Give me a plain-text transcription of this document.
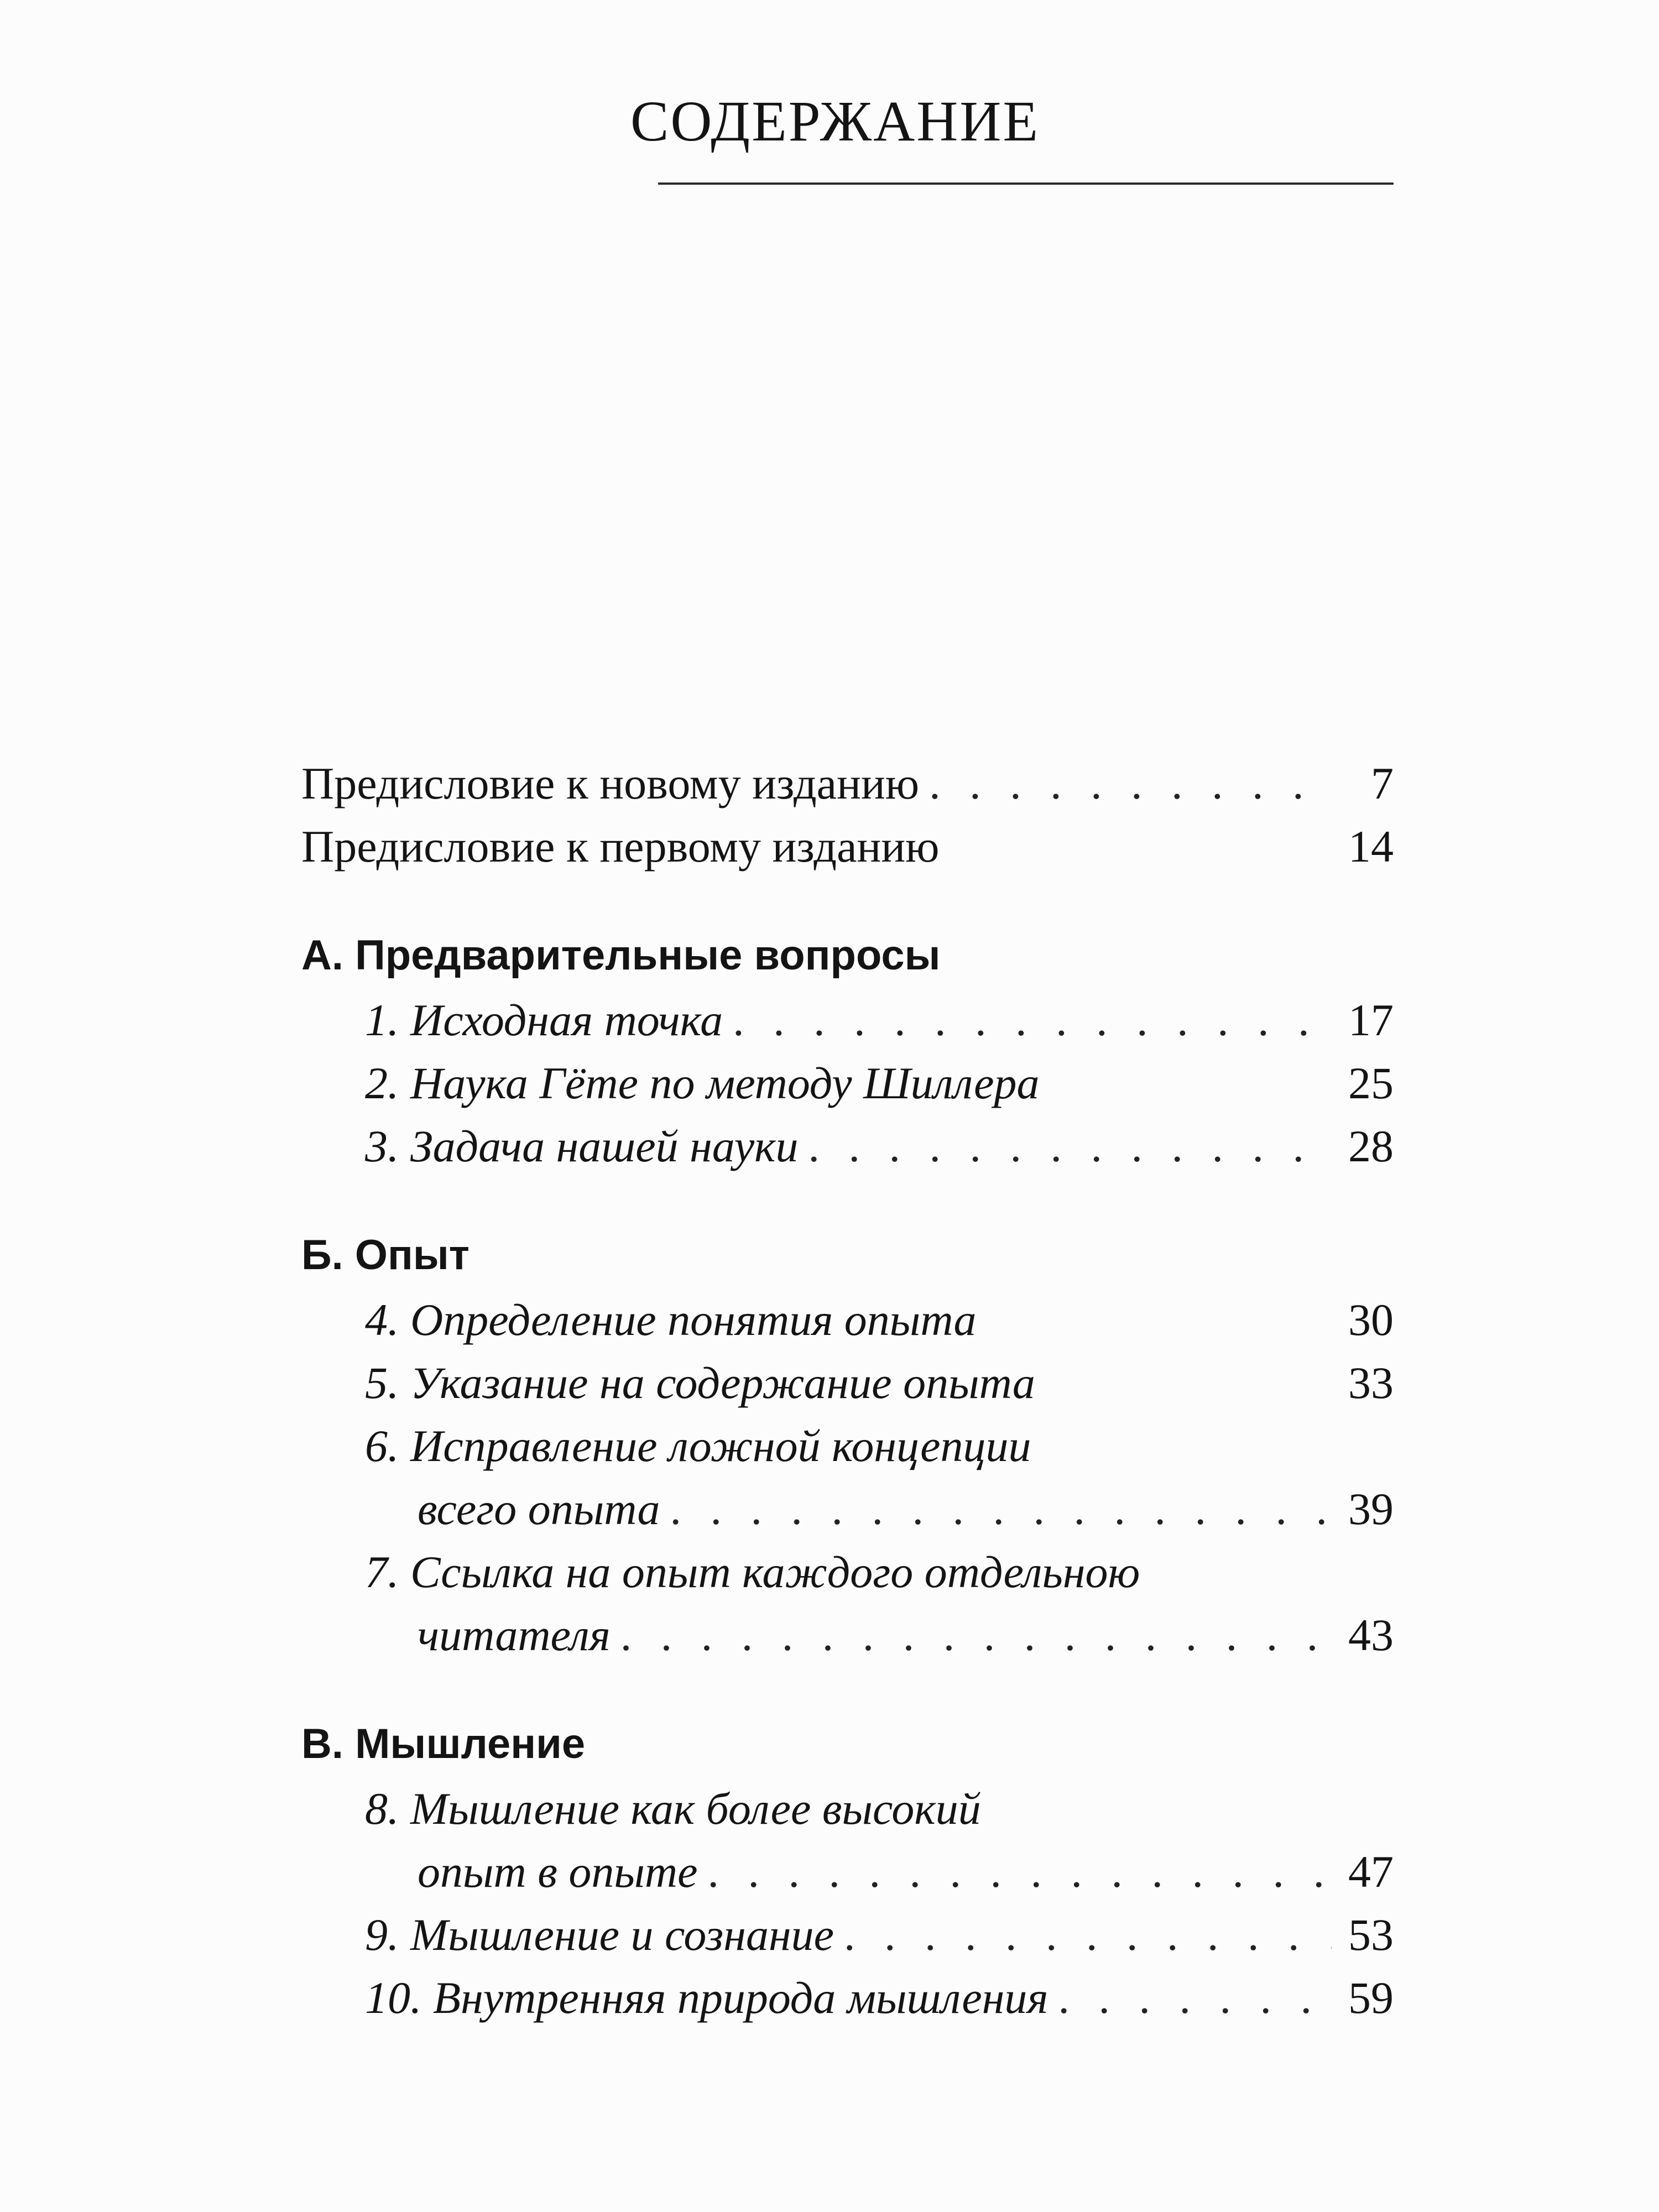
СОДЕРЖАНИЕ
Предисловие к новому изданию . . .	7
Предисловие к первому изданию	14
А. Предварительные вопросы
1. Исходная точка . . .	17
2. Наука Гёте по методу Шиллера	25
3. Задача нашей науки . . .	28
Б. Опыт
4. Определение понятия опыта	30
5. Указание на содержание опыта	33
6. Исправление ложной концепции
всего опыта . . .	39
7. Ссылка на опыт каждого отдельною
читателя . . .	43
В. Мышление
8. Мышление как более высокий
опыт в опыте . . .	47
9. Мышление и сознание . . .	53
10. Внутренняя природа мышления . . .	59
